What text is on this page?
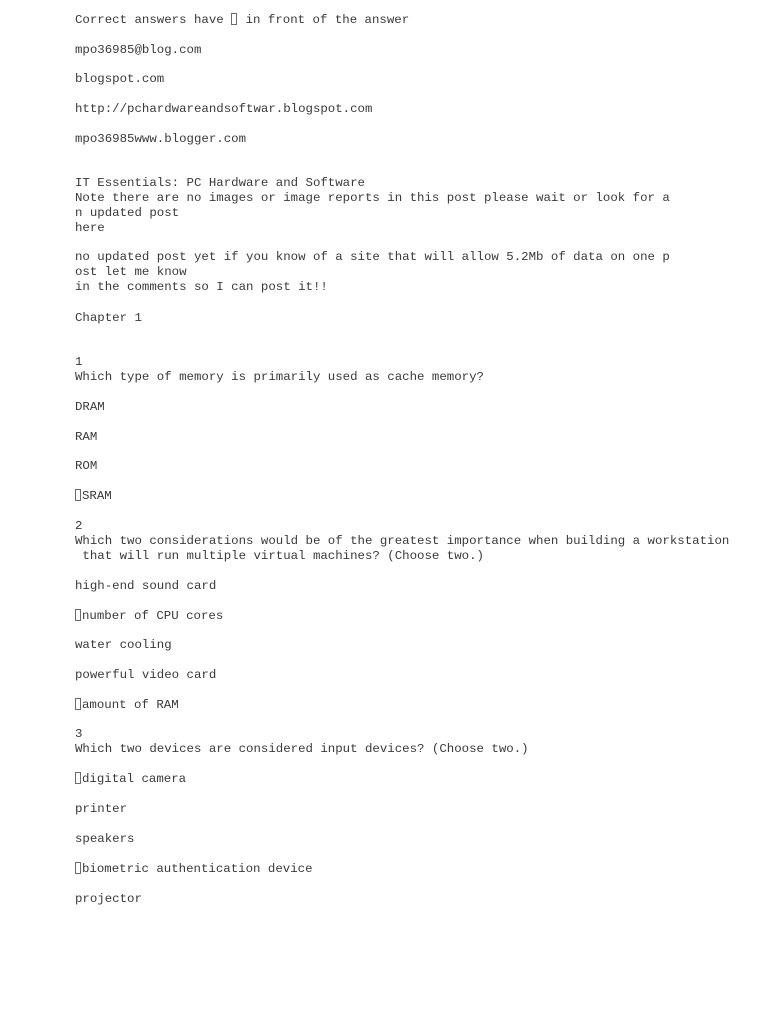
Correct answers have  in front of the answer
mpo36985@blog.com
blogspot.com
http://pchardwareandsoftwar.blogspot.com
mpo36985www.blogger.com
IT Essentials: PC Hardware and Software
Note there are no images or image reports in this post please wait or look for a
n updated post
here
no updated post yet if you know of a site that will allow 5.2Mb of data on one p
ost let me know
in the comments so I can post it!!
Chapter 1
1
Which type of memory is primarily used as cache memory?
DRAM
RAM
ROM
SRAM
2
Which two considerations would be of the greatest importance when building a workstation
that will run multiple virtual machines? (Choose two.)
high-end sound card
number of CPU cores
water cooling
powerful video card
amount of RAM
3
Which two devices are considered input devices? (Choose two.)
digital camera
printer
speakers
biometric authentication device
projector
